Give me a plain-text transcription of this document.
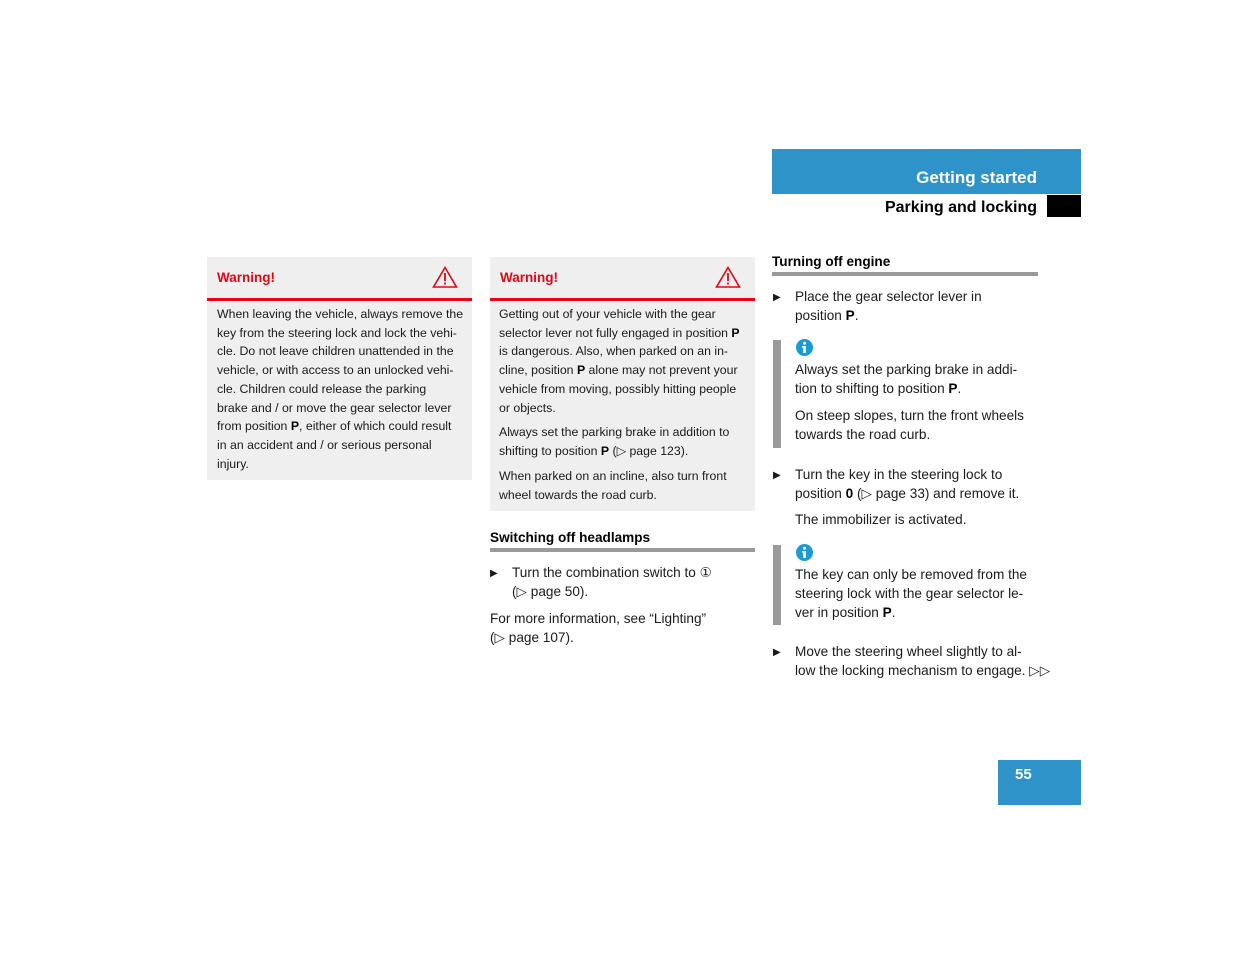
Getting started
Parking and locking
Warning!
When leaving the vehicle, always remove the
key from the steering lock and lock the vehi-
cle. Do not leave children unattended in the
vehicle, or with access to an unlocked vehi-
cle. Children could release the parking
brake and / or move the gear selector lever
from position P, either of which could result
in an accident and / or serious personal
injury.
Warning!
Getting out of your vehicle with the gear
selector lever not fully engaged in position P
is dangerous. Also, when parked on an in-
cline, position P alone may not prevent your
vehicle from moving, possibly hitting people
or objects.
Always set the parking brake in addition to
shifting to position P (▷ page 123).
When parked on an incline, also turn front
wheel towards the road curb.
Switching off headlamps
▶ Turn the combination switch to ①
(▷ page 50).
For more information, see “Lighting”
(▷ page 107).
Turning off engine
▶ Place the gear selector lever in
position P.
Always set the parking brake in addi-
tion to shifting to position P.
On steep slopes, turn the front wheels
towards the road curb.
▶ Turn the key in the steering lock to
position 0 (▷ page 33) and remove it.
The immobilizer is activated.
The key can only be removed from the
steering lock with the gear selector le-
ver in position P.
▶ Move the steering wheel slightly to al-
low the locking mechanism to engage. ▷▷
55
